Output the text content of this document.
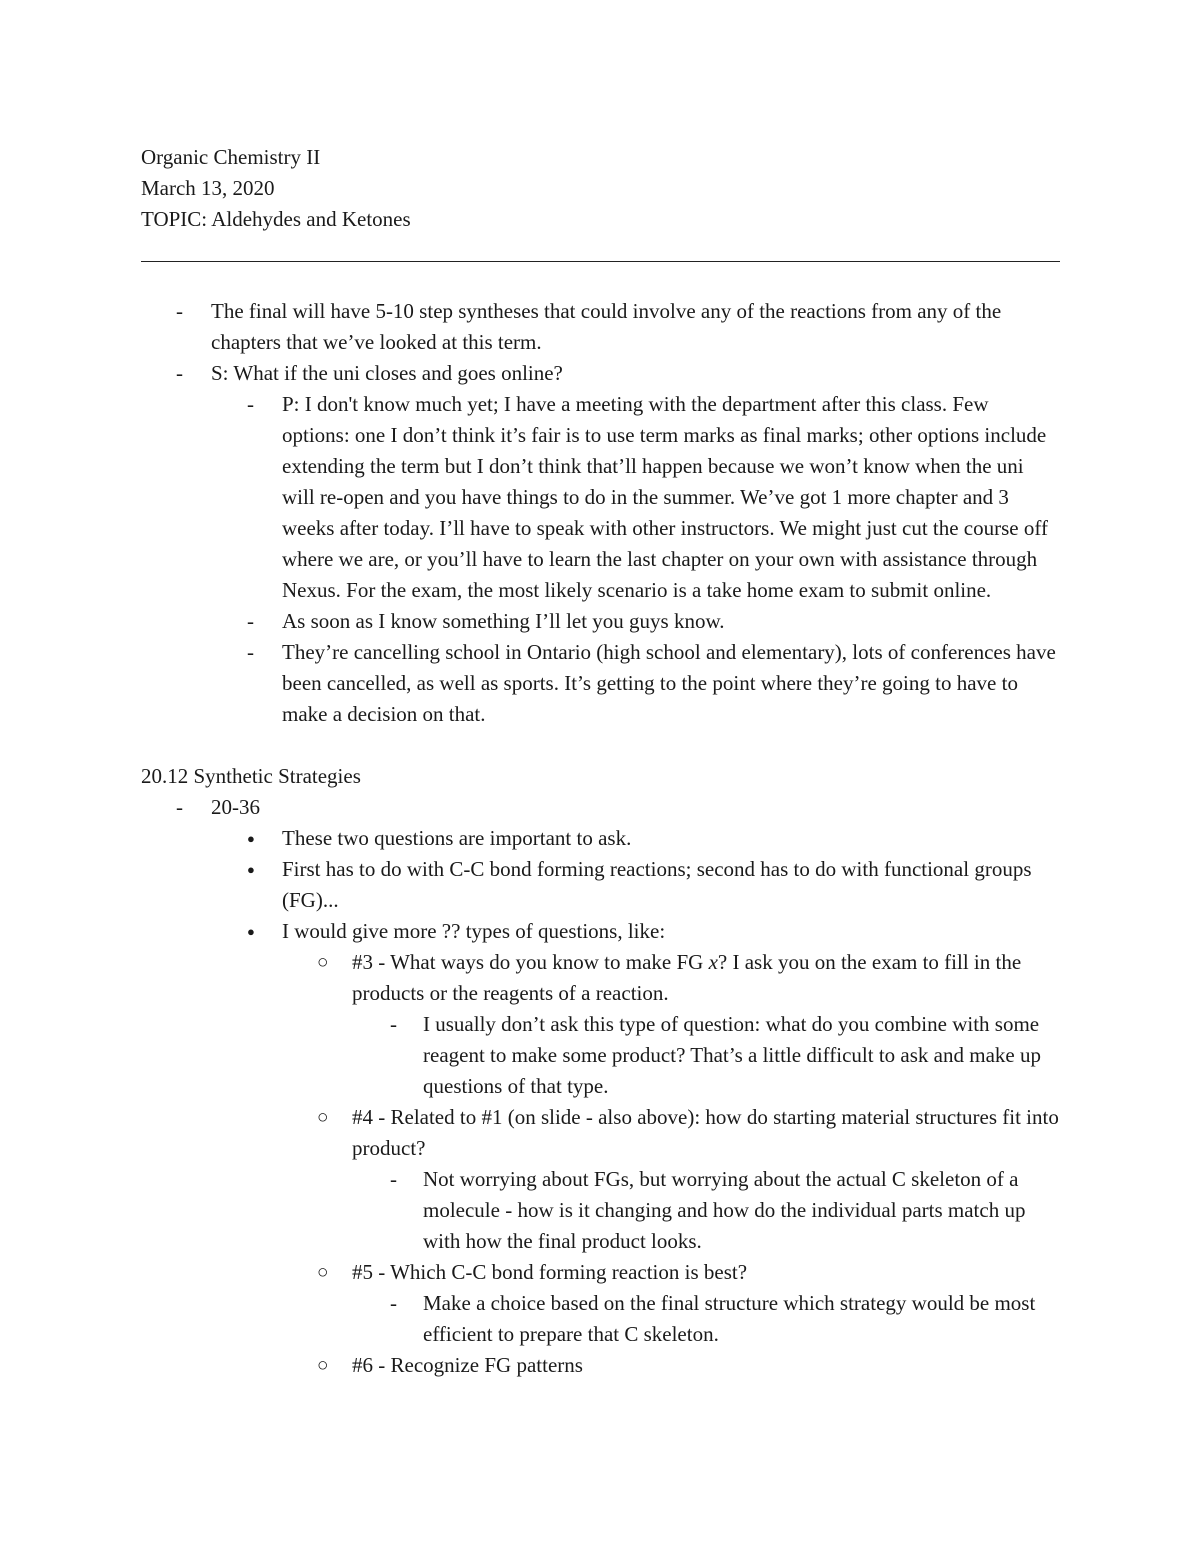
Organic Chemistry II
March 13, 2020
TOPIC: Aldehydes and Ketones
- The final will have 5-10 step syntheses that could involve any of the reactions from any of the chapters that we’ve looked at this term.
- S: What if the uni closes and goes online?
- P: I don't know much yet; I have a meeting with the department after this class. Few options: one I don’t think it’s fair is to use term marks as final marks; other options include extending the term but I don’t think that’ll happen because we won’t know when the uni will re-open and you have things to do in the summer. We’ve got 1 more chapter and 3 weeks after today. I’ll have to speak with other instructors. We might just cut the course off where we are, or you’ll have to learn the last chapter on your own with assistance through Nexus. For the exam, the most likely scenario is a take home exam to submit online.
- As soon as I know something I’ll let you guys know.
- They’re cancelling school in Ontario (high school and elementary), lots of conferences have been cancelled, as well as sports. It’s getting to the point where they’re going to have to make a decision on that.
20.12 Synthetic Strategies
- 20-36
● These two questions are important to ask.
● First has to do with C-C bond forming reactions; second has to do with functional groups (FG)...
● I would give more ?? types of questions, like:
○ #3 - What ways do you know to make FG x? I ask you on the exam to fill in the products or the reagents of a reaction.
- I usually don’t ask this type of question: what do you combine with some reagent to make some product? That’s a little difficult to ask and make up questions of that type.
○ #4 - Related to #1 (on slide - also above): how do starting material structures fit into product?
- Not worrying about FGs, but worrying about the actual C skeleton of a molecule - how is it changing and how do the individual parts match up with how the final product looks.
○ #5 - Which C-C bond forming reaction is best?
- Make a choice based on the final structure which strategy would be most efficient to prepare that C skeleton.
○ #6 - Recognize FG patterns
